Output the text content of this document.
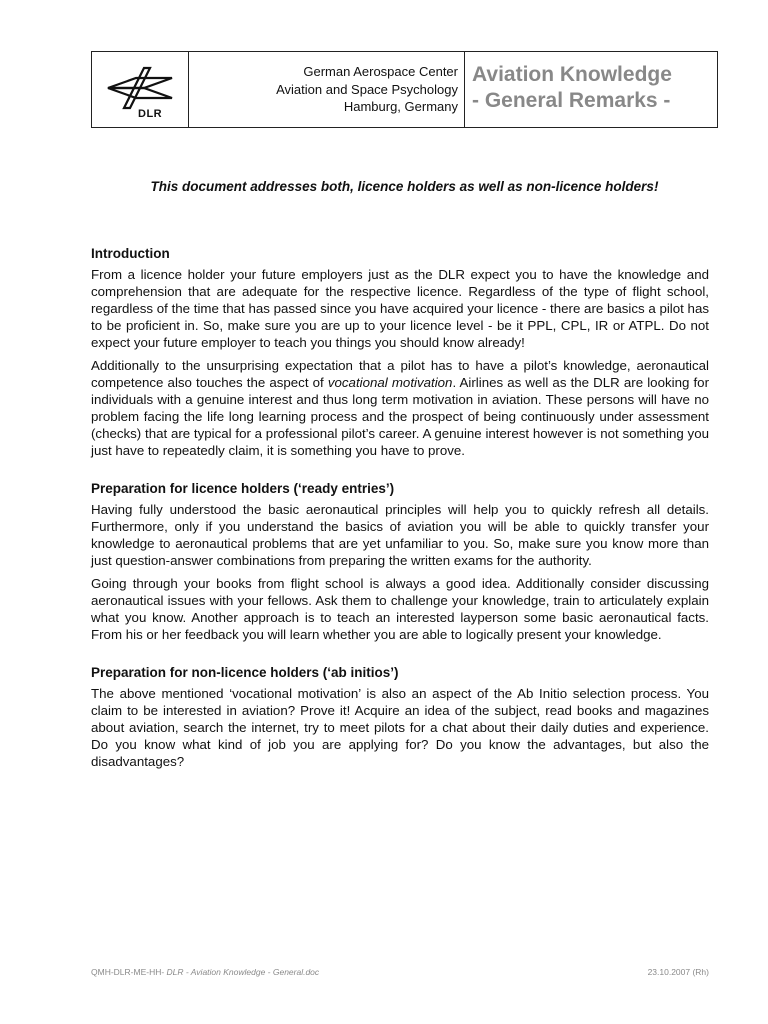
DLR
German Aerospace Center
Aviation and Space Psychology
Hamburg, Germany
Aviation Knowledge
- General Remarks -
This document addresses both, licence holders as well as non-licence holders!
Introduction

From a licence holder your future employers just as the DLR expect you to have the knowledge and comprehension that are adequate for the respective licence. Regardless of the type of flight school, regardless of the time that has passed since you have acquired your licence - there are basics a pilot has to be proficient in. So, make sure you are up to your licence level - be it PPL, CPL, IR or ATPL. Do not expect your future employer to teach you things you should know already!

Additionally to the unsurprising expectation that a pilot has to have a pilot’s knowledge, aeronautical competence also touches the aspect of vocational motivation. Airlines as well as the DLR are looking for individuals with a genuine interest and thus long term motivation in aviation. These persons will have no problem facing the life long learning process and the prospect of being continuously under assessment (checks) that are typical for a professional pilot’s career. A genuine interest however is not something you just have to repeatedly claim, it is something you have to prove.

Preparation for licence holders (‘ready entries’)

Having fully understood the basic aeronautical principles will help you to quickly refresh all details. Furthermore, only if you understand the basics of aviation you will be able to quickly transfer your knowledge to aeronautical problems that are yet unfamiliar to you. So, make sure you know more than just question-answer combinations from preparing the written exams for the authority.

Going through your books from flight school is always a good idea. Additionally consider discussing aeronautical issues with your fellows. Ask them to challenge your knowledge, train to articulately explain what you know. Another approach is to teach an interested layperson some basic aeronautical facts. From his or her feedback you will learn whether you are able to logically present your knowledge.

Preparation for non-licence holders (‘ab initios’)

The above mentioned ‘vocational motivation’ is also an aspect of the Ab Initio selection process. You claim to be interested in aviation? Prove it! Acquire an idea of the subject, read books and magazines about aviation, search the internet, try to meet pilots for a chat about their daily duties and experience. Do you know what kind of job you are applying for? Do you know the advantages, but also the disadvantages?

QMH-DLR-ME-HH- DLR - Aviation Knowledge - General.doc	23.10.2007 (Rh)
